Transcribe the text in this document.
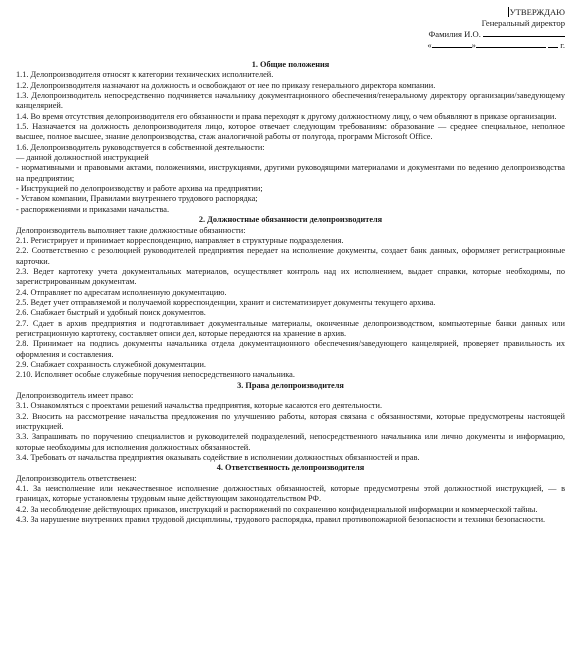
УТВЕРЖДАЮ
Генеральный директор
Фамилия И.О.
«	»	г.

1. Общие положения

1.1. Делопроизводителя относят к категории технических исполнителей.

1.2. Делопроизводителя назначают на должность и освобождают от нее по приказу генерального директора компании.

1.3. Делопроизводитель непосредственно подчиняется начальнику документационного обеспечения/генеральному директору организации/заведующему канцелярией.

1.4. Во время отсутствия делопроизводителя его обязанности и права переходят к другому должностному лицу, о чем объявляют в приказе организации.

1.5. Назначается на должность делопроизводителя лицо, которое отвечает следующим требованиям: образование — среднее специальное, неполное высшее, полное высшее, знание делопроизводства, стаж аналогичной работы от полугода, программ Microsoft Office.

1.6. Делопроизводитель руководствуется в собственной деятельности:

— данной должностной инструкцией

- нормативными и правовыми актами, положениями, инструкциями, другими руководящими материалами и документами по ведению делопроизводства на предприятии;

- Инструкцией по делопроизводству и работе архива на предприятии;

- Уставом компании, Правилами внутреннего трудового распорядка;

- распоряжениями и приказами начальства.

2. Должностные обязанности делопроизводителя

Делопроизводитель выполняет такие должностные обязанности:

2.1. Регистрирует и принимает корреспонденцию, направляет в структурные подразделения.

2.2. Соответственно с резолюцией руководителей предприятия передает на исполнение документы, создает банк данных, оформляет регистрационные карточки.

2.3. Ведет картотеку учета документальных материалов, осуществляет контроль над их исполнением, выдает справки, которые необходимы, по зарегистрированным документам.

2.4. Отправляет по адресатам исполненную документацию.

2.5. Ведет учет отправляемой и получаемой корреспонденции, хранит и систематизирует документы текущего архива.

2.6. Снабжает быстрый и удобный поиск документов.

2.7. Сдает в архив предприятия и подготавливает документальные материалы, оконченные делопроизводством, компьютерные банки данных или регистрационную картотеку, составляет описи дел, которые передаются на хранение в архив.

2.8. Принимает на подпись документы начальника отдела документационного обеспечения/заведующего канцелярией, проверяет правильность их оформления и составления.

2.9. Снабжает сохранность служебной документации.

2.10. Исполняет особые служебные поручения непосредственного начальника.

3. Права делопроизводителя

Делопроизводитель имеет право:

3.1. Ознакомляться с проектами решений начальства предприятия, которые касаются его деятельности.

3.2. Вносить на рассмотрение начальства предложения по улучшению работы, которая связана с обязанностями, которые предусмотрены настоящей инструкцией.

3.3. Запрашивать по поручению специалистов и руководителей подразделений, непосредственного начальника или лично документы и информацию, которые необходимы для исполнения должностных обязанностей.

3.4. Требовать от начальства предприятия оказывать содействие в исполнении должностных обязанностей и прав.

4. Ответственность делопроизводителя

Делопроизводитель ответственен:

4.1. За неисполнение или некачественное исполнение должностных обязанностей, которые предусмотрены этой должностной инструкцией, — в границах, которые установлены трудовым ныне действующим законодательством РФ.

4.2. За несоблюдение действующих приказов, инструкций и распоряжений по сохранению конфиденциальной информации и коммерческой тайны.

4.3. За нарушение внутренних правил трудовой дисциплины, трудового распорядка, правил противопожарной безопасности и техники безопасности.
